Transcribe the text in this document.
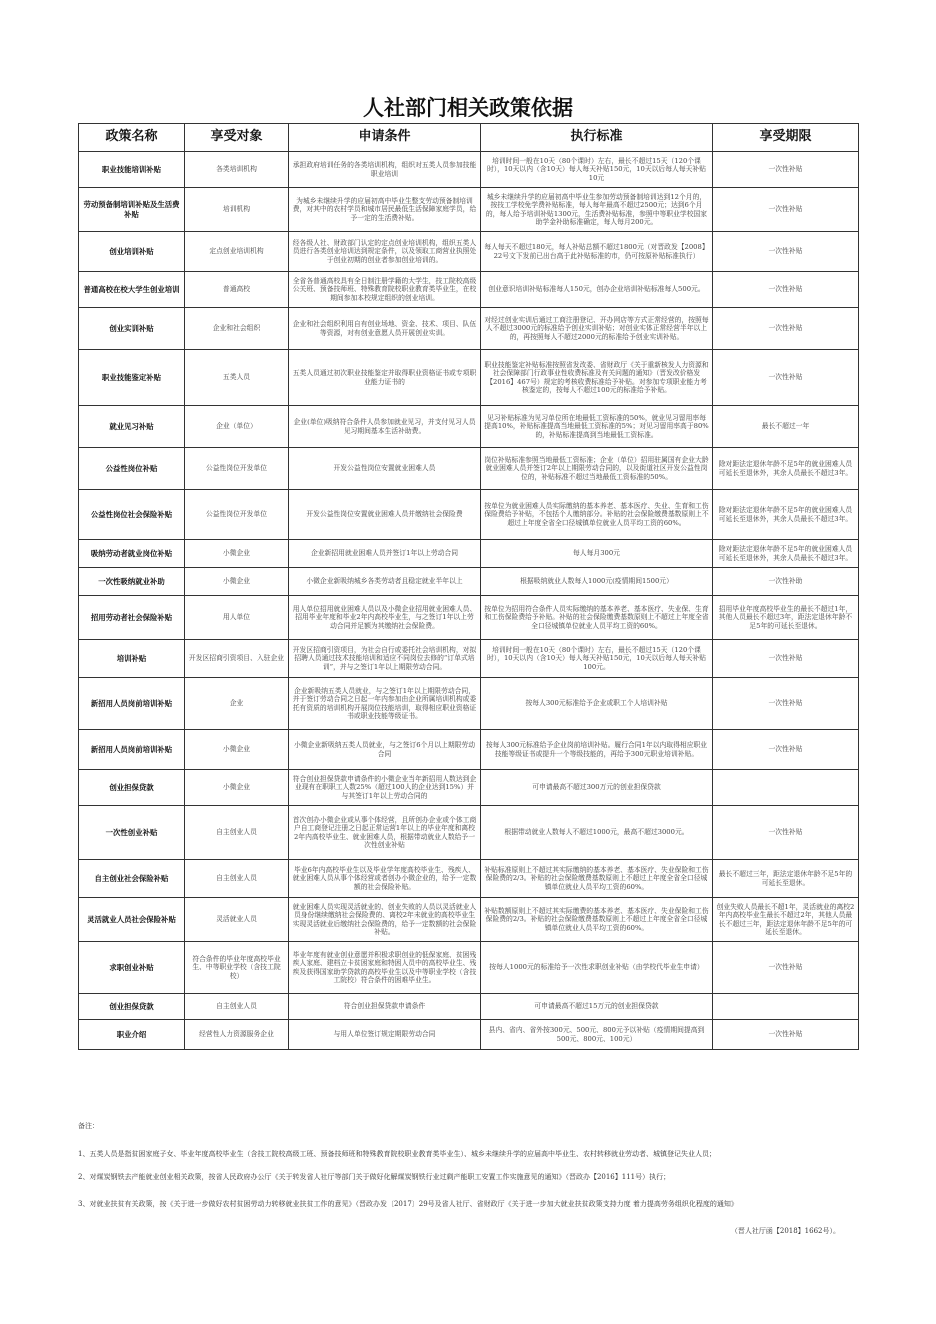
人社部门相关政策依据
政策名称	享受对象	申请条件	执行标准	享受期限
职业技能培训补贴	各类培训机构	承担政府培训任务的各类培训机构，组织对五类人员参加技能职业培训	培训时间一般在10天（80个课时）左右，最长不超过15天（120个课时），10天以内（含10天）每人每天补贴150元，10天以后每人每天补贴10元	一次性补贴
劳动预备制培训补贴及生活费补贴	培训机构	为城乡未继续升学的应届初高中毕业生整支劳动预备制培训费，对其中的农村学员和城市居民最低生活保障家庭学员，给予一定的生活费补贴。	城乡未继续升学的应届初高中毕业生参加劳动预备制培训达到12个月的，按技工学校免学费补贴标准，每人每年最高不超过2500元；达到6个月的，每人给予培训补贴1300元，生活费补贴标准，参照中等职业学校国家助学金补助标准确定，每人每月200元。	一次性补贴
创业培训补贴	定点创业培训机构	经各级人社、财政部门认定的定点创业培训机构，组织五类人员进行各类创业培训达到规定条件，以及领取工商营业执照处于创业初期的创业者参加创业培训的。	每人每天不超过180元，每人补贴总额不超过1800元（对晋政发【2008】22号文下发前已出台高于此补贴标准的市，仍可按原补贴标准执行）	一次性补贴
普通高校在校大学生创业培训	普通高校	全省各普通高校具有全日制注册学籍的大学生，技工院校高级公关班、预备技师班、特殊教育院校职业教育类毕业生，在校期间参加本校规定组织的创业培训。	创业意识培训补贴标准每人150元，创办企业培训补贴标准每人500元。	一次性补贴
创业实训补贴	企业和社会组织	企业和社会组织利用自有创业场地、资金、技术、项目、队伍等资源，对有创业意愿人员开展创业实训。	对经过创业实训后通过工商注册登记、开办网店等方式正常经营的，按照每人不超过3000元的标准给予创业实训补贴；对创业实体正常经营半年以上的，再按照每人不超过2000元的标准给予创业实训补贴。	一次性补贴
职业技能鉴定补贴	五类人员	五类人员通过初次职业技能鉴定并取得职业资格证书或专项职业能力证书的	职业技能鉴定补贴标准按照省发改委、省财政厅《关于重新核发人力资源和社会保障部门行政事业性收费标准及有关问题的通知》（晋发改价格发【2016】467号）规定的考核收费标准给予补贴。对参加专项职业能力考核鉴定的，按每人不超过100元的标准给予补贴。	一次性补贴
就业见习补贴	企业（单位）	企业(单位)吸纳符合条件人员参加就业见习，并支付见习人员见习期间基本生活补助费。	见习补贴标准为见习单位所在地最低工资标准的50%，就业见习留用率每提高10%，补贴标准提高当地最低工资标准的5%；对见习留用率高于80%的，补贴标准提高到当地最低工资标准。	最长不超过一年
公益性岗位补贴	公益性岗位开发单位	开发公益性岗位安置就业困难人员	岗位补贴标准参照当地最低工资标准；企业（单位）招用驻属国有企业大龄就业困难人员并签订2年以上期限劳动合同的，以及街道社区开发公益性岗位的，补贴标准不超过当地最低工资标准的50%。	除对距法定退休年龄不足5年的就业困难人员可延长至退休外，其余人员最长不超过3年。
公益性岗位社会保险补贴	公益性岗位开发单位	开发公益性岗位安置就业困难人员并缴纳社会保险费	按单位为就业困难人员实际缴纳的基本养老、基本医疗、失业、生育和工伤保险费给予补贴，不包括个人缴纳部分。补贴的社会保险缴费基数原则上不超过上年度全省全口径城镇单位就业人员平均工资的60%。	除对距法定退休年龄不足5年的就业困难人员可延长至退休外，其余人员最长不超过3年。
吸纳劳动者就业岗位补贴	小微企业	企业新招用就业困难人员并签订1年以上劳动合同	每人每月300元	除对距法定退休年龄不足5年的就业困难人员可延长至退休外，其余人员最长不超过3年。
一次性吸纳就业补助	小微企业	小微企业新吸纳城乡各类劳动者且稳定就业半年以上	根据吸纳就业人数每人1000元(疫情期间1500元）	一次性补助
招用劳动者社会保险补贴	用人单位	用人单位招用就业困难人员以及小微企业招用就业困难人员、招用毕业年度和毕业2年内高校毕业生，与之签订1年以上劳动合同并足额为其缴纳社会保险费。	按单位为招用符合条件人员实际缴纳的基本养老、基本医疗、失业保、生育和工伤保险费给予补贴。补贴的社会保险缴费基数原则上不超过上年度全省全口径城镇单位就业人员平均工资的60%。	招用毕业年度高校毕业生的最长不超过1年，其他人员最长不超过3年，距法定退休年龄不足5年的可延长至退休。
培训补贴	开发区招商引资项目、入驻企业	开发区招商引资项目，为社会自行或委托社会培训机构，对拟招聘人员通过技术技能培训和适应不同岗位去修的“订单式培训”，并与之签订1年以上期限劳动合同。	培训时间一般在10天（80个课时）左右，最长不超过15天（120个课时），10天以内（含10天）每人每天补贴150元，10天以后每人每天补贴100元。	一次性补贴
新招用人员岗前培训补贴	企业	企业新吸纳五类人员就业，与之签订1年以上期限劳动合同，并于签订劳动合同之日起一年内参加由企业所属培训机构或委托有资质的培训机构开展岗位技能培训，取得相应职业资格证书或职业技能等级证书。	按每人300元标准给予企业或职工个人培训补贴	一次性补贴
新招用人员岗前培训补贴	小微企业	小微企业新吸纳五类人员就业，与之签订6个月以上期限劳动合同	按每人300元标准给予企业岗前培训补贴。履行合同1年以内取得相应职业技能等级证书或提升一个等级技能的，再给予300元职业培训补贴。	一次性补贴
创业担保贷款	小微企业	符合创业担保贷款申请条件的小微企业当年新招用人数达到企业现有在职职工人数25%（超过100人的企业达到15%）并与其签订1年以上劳动合同的	可申请最高不超过300万元的创业担保贷款	
一次性创业补贴	自主创业人员	首次创办小微企业或从事个体经营，且所创办企业或个体工商户自工商登记注册之日起正常运营1年以上的毕业年度和离校2年内高校毕业生、就业困难人员，根据带动就业人数给予一次性创业补贴	根据带动就业人数每人不超过1000元，最高不超过3000元。	一次性补贴
自主创业社会保险补贴	自主创业人员	毕业6年内高校毕业生以及毕业学年度高校毕业生、残疾人、就业困难人员从事个体经营或者创办小微企业的，给予一定数额的社会保险补贴。	补贴标准原则上不超过其实际缴纳的基本养老、基本医疗、失业保险和工伤保险费的2/3。补贴的社会保险缴费基数原则上不超过上年度全省全口径城镇单位就业人员平均工资的60%。	最长不超过三年，距法定退休年龄不足5年的可延长至退休。
灵活就业人员社会保险补贴	灵活就业人员	就业困难人员实现灵活就业的、创业失败的人员以灵活就业人员身份继续缴纳社会保险费的、离校2年未就业的高校毕业生实现灵活就业后缴纳社会保险费的，给予一定数额的社会保险补贴。	补贴数额原则上不超过其实际缴费的基本养老、基本医疗、失业保险和工伤保险费的2/3。补贴的社会保险缴费基数原则上不超过上年度全省全口径城镇单位就业人员平均工资的60%。	创业失败人员最长不超1年，灵活就业的离校2年内高校毕业生最长不超过2年，其他人员最长不超过三年，距法定退休年龄不足5年的可延长至退休。
求职创业补贴	符合条件的毕业年度高校毕业生、中等职业学校（含技工院校）	毕业年度有就业创业意愿并积极求职创业的低保家庭、贫困残疾人家庭、建档立卡贫困家庭和特困人员中的高校毕业生、残疾及获得国家助学贷款的高校毕业生以及中等职业学校（含技工院校）符合条件的困难毕业生。	按每人1000元的标准给予一次性求职创业补贴（由学校代毕业生申请）	一次性补贴
创业担保贷款	自主创业人员	符合创业担保贷款申请条件	可申请最高不超过15万元的创业担保贷款	
职业介绍	经营性人力资源服务企业	与用人单位签订规定期限劳动合同	县内、省内、省外按300元、500元、800元予以补贴（疫情期间提高到500元、800元、100元）	一次性补贴
备注：
1、五类人员是指贫困家庭子女、毕业年度高校毕业生（含技工院校高级工班、预备技师班和特殊教育院校职业教育类毕业生）、城乡未继续升学的应届高中毕业生、农村转移就业劳动者、城镇登记失业人员；
2、对煤炭钢铁去产能就业创业相关政策，按省人民政府办公厅《关于转发省人社厅等部门关于做好化解煤炭钢铁行业过剩产能职工安置工作实施意见的通知》（晋政办【2016】111号）执行；
3、对就业扶贫有关政策，按《关于进一步做好农村贫困劳动力转移就业扶贫工作的意见》（晋政办发〔2017〕29号及省人社厅、省财政厅《关于进一步加大就业扶贫政策支持力度 着力提高劳务组织化程度的通知》
（晋人社厅函【2018】1662号）。
